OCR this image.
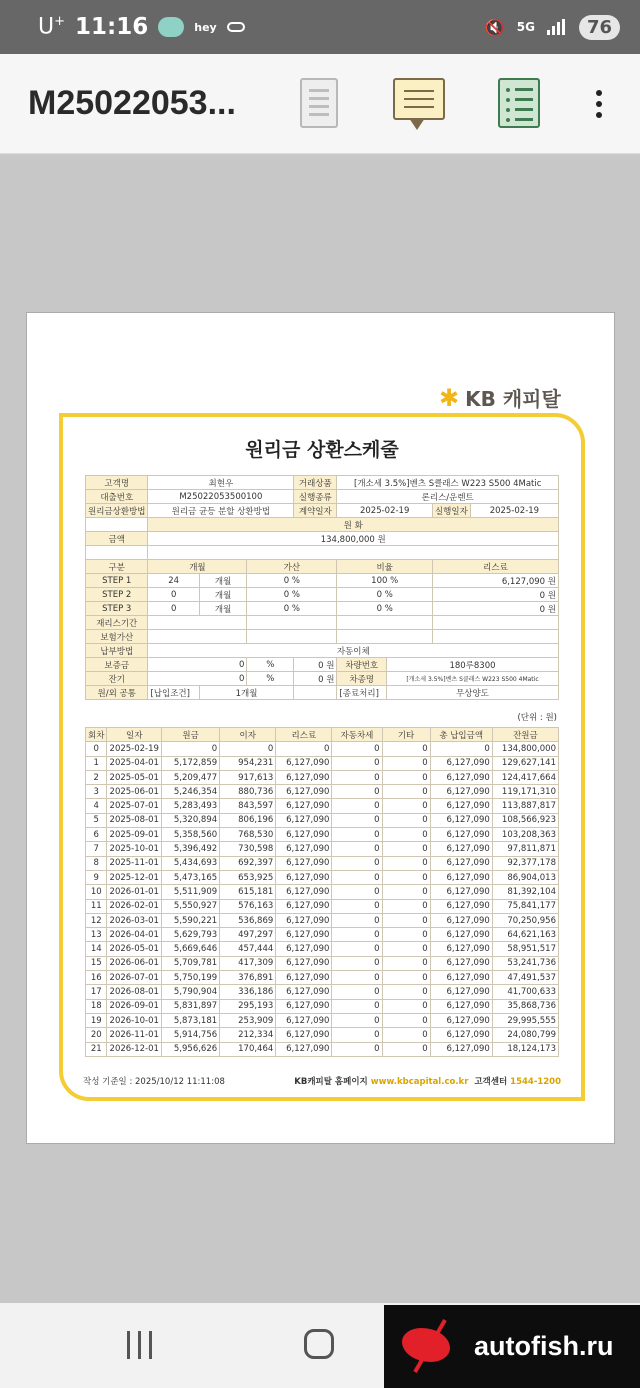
U+ 11:16	hey	🔇 5G	76
M25022053...
✱ KB 캐피탈
원리금 상환스케줄
고객명	최현우			거래상품	[개소세 3.5%]벤츠 S클래스 W223 S500 4Matic			
대출번호	M25022053500100			실행종류	론리스/운렌트			
원리금상환방법	원리금 균등 분할 상환방법			계약일자	2025-02-19		실행일자	2025-02-19
	원 화							
금액	134,800,000 원							

구분	개월		가산		비율		리스료	
STEP 1	24	개월	0 %		100 %		6,127,090 원	
STEP 2	0	개월	0 %		0 %		0 원	
STEP 3	0	개월	0 %		0 %		0 원	
재리스기간								
보험가산								
납부방법	자동이체							
보증금	0		%	0 원	차량번호	180루8300		
잔기	0		%	0 원	차종명	[개소세 3.5%]벤츠 S클래스 W223 S500 4Matic		
원/외 공통	[납입조건]	1개월			[종료처리]	무상양도		
(단위 : 원)
회차	일자	원금	이자	리스료	자동차세	기타	총 납입금액	잔원금
0	2025-02-19	0	0	0	0	0	0	134,800,000
1	2025-04-01	5,172,859	954,231	6,127,090	0	0	6,127,090	129,627,141
2	2025-05-01	5,209,477	917,613	6,127,090	0	0	6,127,090	124,417,664
3	2025-06-01	5,246,354	880,736	6,127,090	0	0	6,127,090	119,171,310
4	2025-07-01	5,283,493	843,597	6,127,090	0	0	6,127,090	113,887,817
5	2025-08-01	5,320,894	806,196	6,127,090	0	0	6,127,090	108,566,923
6	2025-09-01	5,358,560	768,530	6,127,090	0	0	6,127,090	103,208,363
7	2025-10-01	5,396,492	730,598	6,127,090	0	0	6,127,090	97,811,871
8	2025-11-01	5,434,693	692,397	6,127,090	0	0	6,127,090	92,377,178
9	2025-12-01	5,473,165	653,925	6,127,090	0	0	6,127,090	86,904,013
10	2026-01-01	5,511,909	615,181	6,127,090	0	0	6,127,090	81,392,104
11	2026-02-01	5,550,927	576,163	6,127,090	0	0	6,127,090	75,841,177
12	2026-03-01	5,590,221	536,869	6,127,090	0	0	6,127,090	70,250,956
13	2026-04-01	5,629,793	497,297	6,127,090	0	0	6,127,090	64,621,163
14	2026-05-01	5,669,646	457,444	6,127,090	0	0	6,127,090	58,951,517
15	2026-06-01	5,709,781	417,309	6,127,090	0	0	6,127,090	53,241,736
16	2026-07-01	5,750,199	376,891	6,127,090	0	0	6,127,090	47,491,537
17	2026-08-01	5,790,904	336,186	6,127,090	0	0	6,127,090	41,700,633
18	2026-09-01	5,831,897	295,193	6,127,090	0	0	6,127,090	35,868,736
19	2026-10-01	5,873,181	253,909	6,127,090	0	0	6,127,090	29,995,555
20	2026-11-01	5,914,756	212,334	6,127,090	0	0	6,127,090	24,080,799
21	2026-12-01	5,956,626	170,464	6,127,090	0	0	6,127,090	18,124,173
작성 기준일 : 2025/10/12 11:11:08	KB캐피탈 홈페이지 www.kbcapital.co.kr 고객센터 1544-1200
autofish.ru
